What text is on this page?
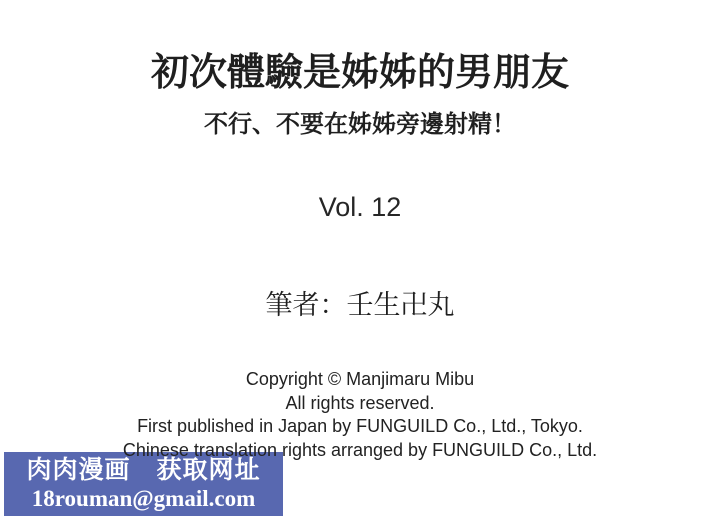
初次體驗是姊姊的男朋友
不行、不要在姊姊旁邊射精！
Vol. 12
筆者：壬生卍丸
Copyright © Manjimaru Mibu
All rights reserved.
First published in Japan by FUNGUILD Co., Ltd., Tokyo.
Chinese translation rights arranged by FUNGUILD Co., Ltd.
肉肉漫画　获取网址
18rouman@gmail.com
